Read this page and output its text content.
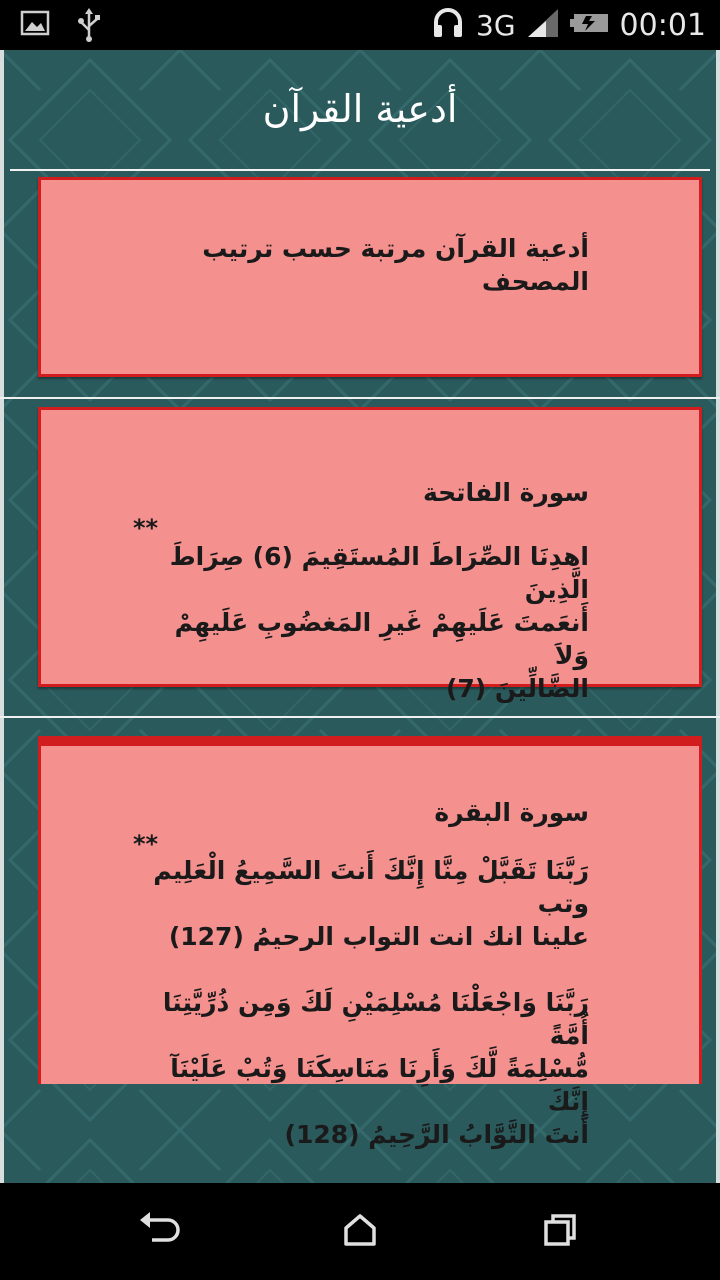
3G	00:01
أدعية القرآن
أدعية القرآن مرتبة حسب ترتيب
المصحف
سورة الفاتحة
**
اهدِنَا الصِّرَاطَ المُستَقِيمَ (6) صِرَاطَ الَّذِينَ
أَنعَمتَ عَلَيهِمْ غَيرِ المَغضُوبِ عَلَيهِمْ وَلاَ
الضَّالِّينَ (7)
سورة البقرة
**
رَبَّنَا تَقَبَّلْ مِنَّا إِنَّكَ أَنتَ السَّمِيعُ الْعَلِيم وتب
علينا انك انت التواب الرحيمُ (127)

رَبَّنَا وَاجْعَلْنَا مُسْلِمَيْنِ لَكَ وَمِن ذُرِّيَّتِنَا أُمَّةً
مُّسْلِمَةً لَّكَ وَأَرِنَا مَنَاسِكَنَا وَتُبْ عَلَيْنَآ إِنَّكَ
أَنتَ التَّوَّابُ الرَّحِيمُ (128)
